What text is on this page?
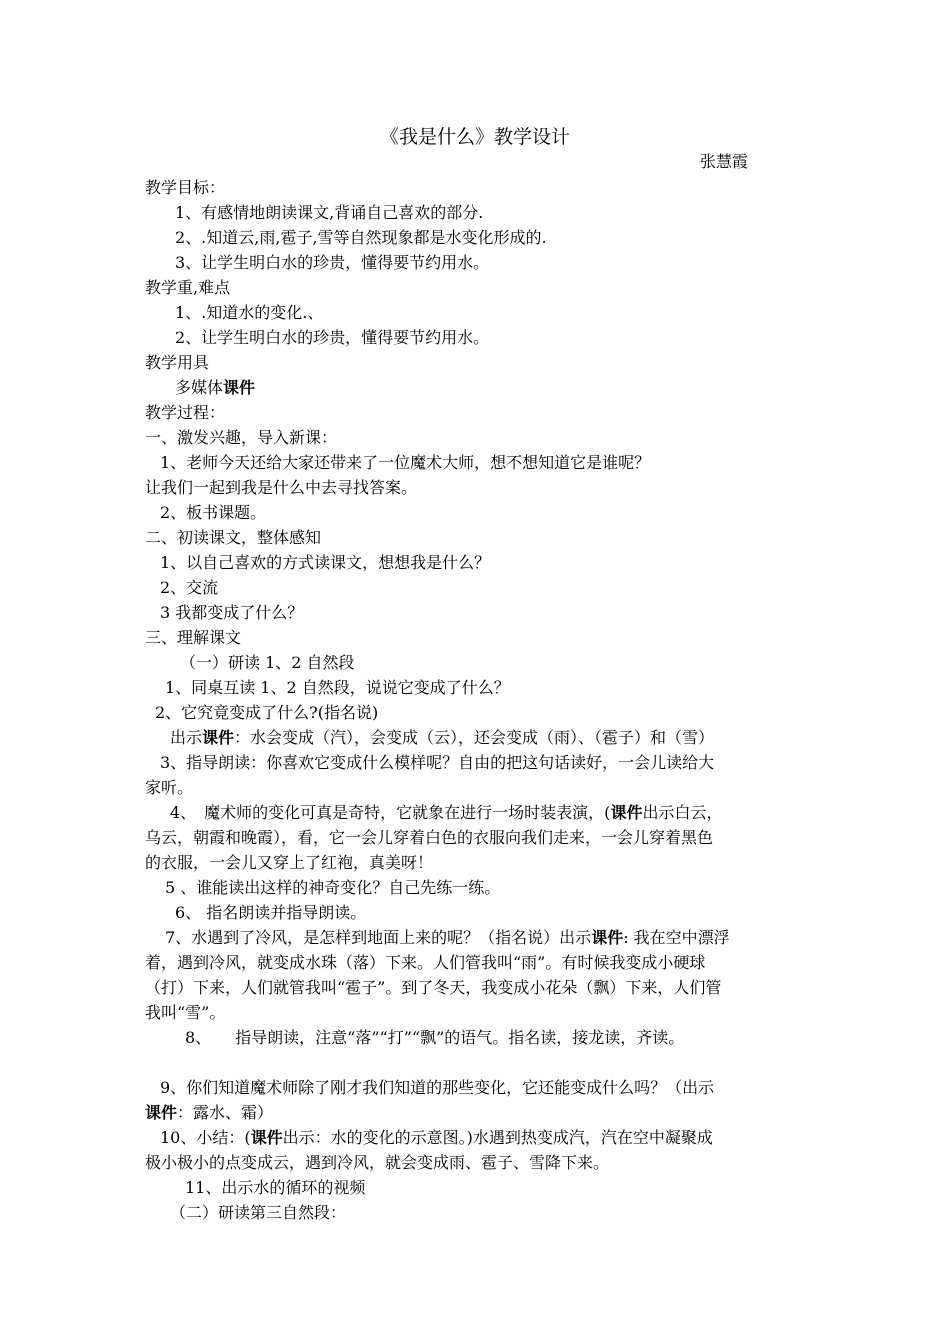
《我是什么》教学设计
张慧霞
教学目标：
1、有感情地朗读课文,背诵自己喜欢的部分.
2、.知道云,雨,雹子,雪等自然现象都是水变化形成的.
3、让学生明白水的珍贵，懂得要节约用水。
教学重,难点
1、.知道水的变化.、
2、让学生明白水的珍贵，懂得要节约用水。
教学用具
多媒体课件
教学过程：
一、激发兴趣，导入新课：
1、老师今天还给大家还带来了一位魔术大师，想不想知道它是谁呢？
让我们一起到我是什么中去寻找答案。
2、板书课题。
二、初读课文，整体感知
1、以自己喜欢的方式读课文，想想我是什么？
2、交流
3 我都变成了什么？
三、理解课文
（一）研读 1、2 自然段
1、同桌互读 1、2 自然段，说说它变成了什么？
2、它究竟变成了什么?(指名说)
出示课件：水会变成（汽），会变成（云），还会变成（雨）、（雹子）和（雪）
3、指导朗读：你喜欢它变成什么模样呢？自由的把这句话读好，一会儿读给大
家听。
4、　魔术师的变化可真是奇特，它就象在进行一场时装表演，(课件出示白云，
乌云，朝霞和晚霞），看，它一会儿穿着白色的衣服向我们走来，一会儿穿着黑色
的衣服，一会儿又穿上了红袍，真美呀！
5 、谁能读出这样的神奇变化？自己先练一练。
6、 指名朗读并指导朗读。
7、水遇到了冷风，是怎样到地面上来的呢？（指名说）出示课件: 我在空中漂浮
着，遇到冷风，就变成水珠（落）下来。人们管我叫“雨”。有时候我变成小硬球
（打）下来，人们就管我叫“雹子”。到了冬天，我变成小花朵（飘）下来，人们管
我叫“雪”。
8、　　指导朗读，注意“落”“打”“飘”的语气。指名读，接龙读，齐读。
9、你们知道魔术师除了刚才我们知道的那些变化，它还能变成什么吗？（出示
课件：露水、霜）
10、小结：(课件出示：水的变化的示意图。)水遇到热变成汽，汽在空中凝聚成
极小极小的点变成云，遇到冷风，就会变成雨、雹子、雪降下来。
11、出示水的循环的视频
（二）研读第三自然段：
